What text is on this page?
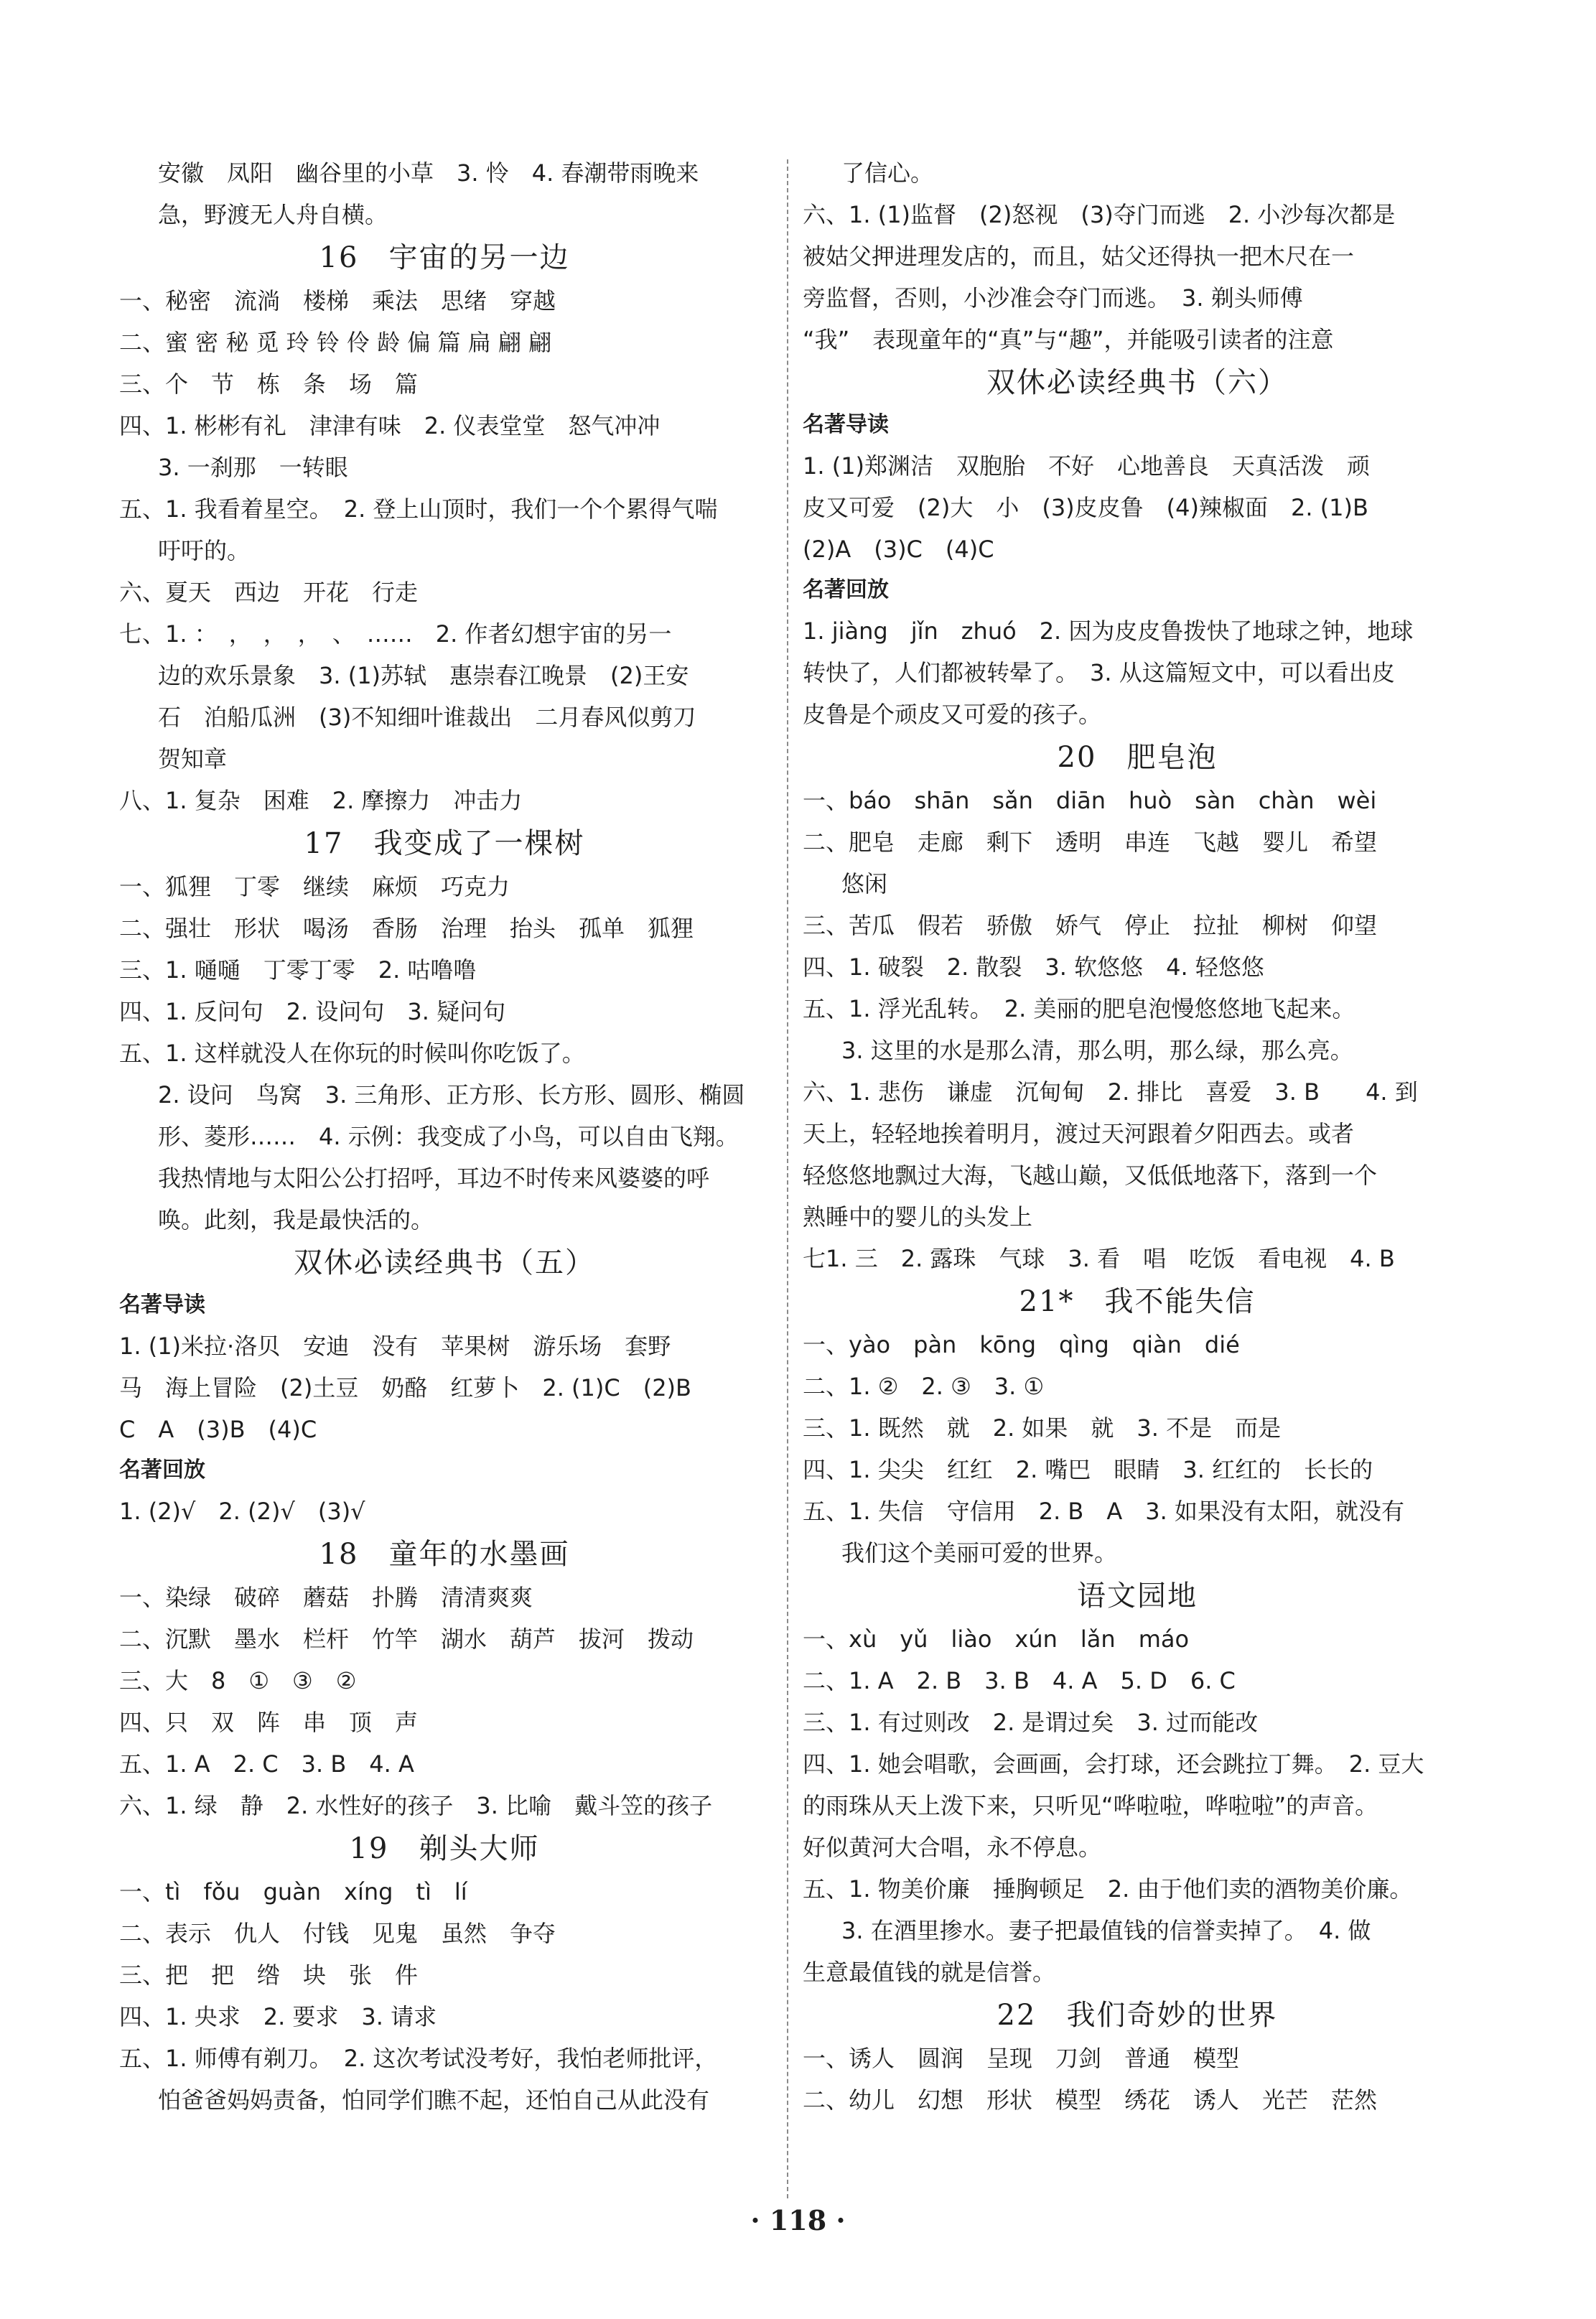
安徽　凤阳　幽谷里的小草　3. 怜　4. 春潮带雨晚来
急，野渡无人舟自横。
16　宇宙的另一边
一、秘密　流淌　楼梯　乘法　思绪　穿越
二、蜜 密 秘 觅 玲 铃 伶 龄 偏 篇 扁 翩 翩
三、个　节　栋　条　场　篇
四、1. 彬彬有礼　津津有味　2. 仪表堂堂　怒气冲冲
3. 一刹那　一转眼
五、1. 我看着星空。　2. 登上山顶时，我们一个个累得气喘
吁吁的。
六、夏天　西边　开花　行走
七、1. ：　，　，　，　、　……　2. 作者幻想宇宙的另一
边的欢乐景象　3. (1)苏轼　惠崇春江晚景　(2)王安
石　泊船瓜洲　(3)不知细叶谁裁出　二月春风似剪刀
贺知章
八、1. 复杂　困难　2. 摩擦力　冲击力
17　我变成了一棵树
一、狐狸　丁零　继续　麻烦　巧克力
二、强壮　形状　喝汤　香肠　治理　抬头　孤单　狐狸
三、1. 嗵嗵　丁零丁零　2. 咕噜噜
四、1. 反问句　2. 设问句　3. 疑问句
五、1. 这样就没人在你玩的时候叫你吃饭了。
2. 设问　鸟窝　3. 三角形、正方形、长方形、圆形、椭圆
形、菱形……　4. 示例：我变成了小鸟，可以自由飞翔。
我热情地与太阳公公打招呼，耳边不时传来风婆婆的呼
唤。此刻，我是最快活的。
双休必读经典书（五）
名著导读
1. (1)米拉·洛贝　安迪　没有　苹果树　游乐场　套野
马　海上冒险　(2)土豆　奶酪　红萝卜　2. (1)C　(2)B
C　A　(3)B　(4)C
名著回放
1. (2)√　2. (2)√　(3)√
18　童年的水墨画
一、染绿　破碎　蘑菇　扑腾　清清爽爽
二、沉默　墨水　栏杆　竹竿　湖水　葫芦　拔河　拨动
三、大　8　①　③　②
四、只　双　阵　串　顶　声
五、1. A　2. C　3. B　4. A
六、1. 绿　静　2. 水性好的孩子　3. 比喻　戴斗笠的孩子
19　剃头大师
一、tì　fǒu　guàn　xíng　tì　lí
二、表示　仇人　付钱　见鬼　虽然　争夺
三、把　把　绺　块　张　件
四、1. 央求　2. 要求　3. 请求
五、1. 师傅有剃刀。　2. 这次考试没考好，我怕老师批评，
怕爸爸妈妈责备，怕同学们瞧不起，还怕自己从此没有
了信心。
六、1. (1)监督　(2)怒视　(3)夺门而逃　2. 小沙每次都是
被姑父押进理发店的，而且，姑父还得执一把木尺在一
旁监督，否则，小沙准会夺门而逃。　3. 剃头师傅
“我”　表现童年的“真”与“趣”，并能吸引读者的注意
双休必读经典书（六）
名著导读
1. (1)郑渊洁　双胞胎　不好　心地善良　天真活泼　顽
皮又可爱　(2)大　小　(3)皮皮鲁　(4)辣椒面　2. (1)B
(2)A　(3)C　(4)C
名著回放
1. jiàng　jǐn　zhuó　2. 因为皮皮鲁拨快了地球之钟，地球
转快了，人们都被转晕了。　3. 从这篇短文中，可以看出皮
皮鲁是个顽皮又可爱的孩子。
20　肥皂泡
一、báo　shān　sǎn　diān　huò　sàn　chàn　wèi
二、肥皂　走廊　剩下　透明　串连　飞越　婴儿　希望
悠闲
三、苦瓜　假若　骄傲　娇气　停止　拉扯　柳树　仰望
四、1. 破裂　2. 散裂　3. 软悠悠　4. 轻悠悠
五、1. 浮光乱转。　2. 美丽的肥皂泡慢悠悠地飞起来。
3. 这里的水是那么清，那么明，那么绿，那么亮。
六、1. 悲伤　谦虚　沉甸甸　2. 排比　喜爱　3. B　　4. 到
天上，轻轻地挨着明月，渡过天河跟着夕阳西去。或者
轻悠悠地飘过大海，飞越山巅，又低低地落下，落到一个
熟睡中的婴儿的头发上
七1. 三　2. 露珠　气球　3. 看　唱　吃饭　看电视　4. B
21*　我不能失信
一、yào　pàn　kōng　qìng　qiàn　dié
二、1. ②　2. ③　3. ①
三、1. 既然　就　2. 如果　就　3. 不是　而是
四、1. 尖尖　红红　2. 嘴巴　眼睛　3. 红红的　长长的
五、1. 失信　守信用　2. B　A　3. 如果没有太阳，就没有
我们这个美丽可爱的世界。
语文园地
一、xù　yǔ　liào　xún　lǎn　máo
二、1. A　2. B　3. B　4. A　5. D　6. C
三、1. 有过则改　2. 是谓过矣　3. 过而能改
四、1. 她会唱歌，会画画，会打球，还会跳拉丁舞。　2. 豆大
的雨珠从天上泼下来，只听见“哗啦啦，哗啦啦”的声音。
好似黄河大合唱，永不停息。
五、1. 物美价廉　捶胸顿足　2. 由于他们卖的酒物美价廉。
3. 在酒里掺水。妻子把最值钱的信誉卖掉了。　4. 做
生意最值钱的就是信誉。
22　我们奇妙的世界
一、诱人　圆润　呈现　刀剑　普通　模型
二、幼儿　幻想　形状　模型　绣花　诱人　光芒　茫然
· 118 ·
